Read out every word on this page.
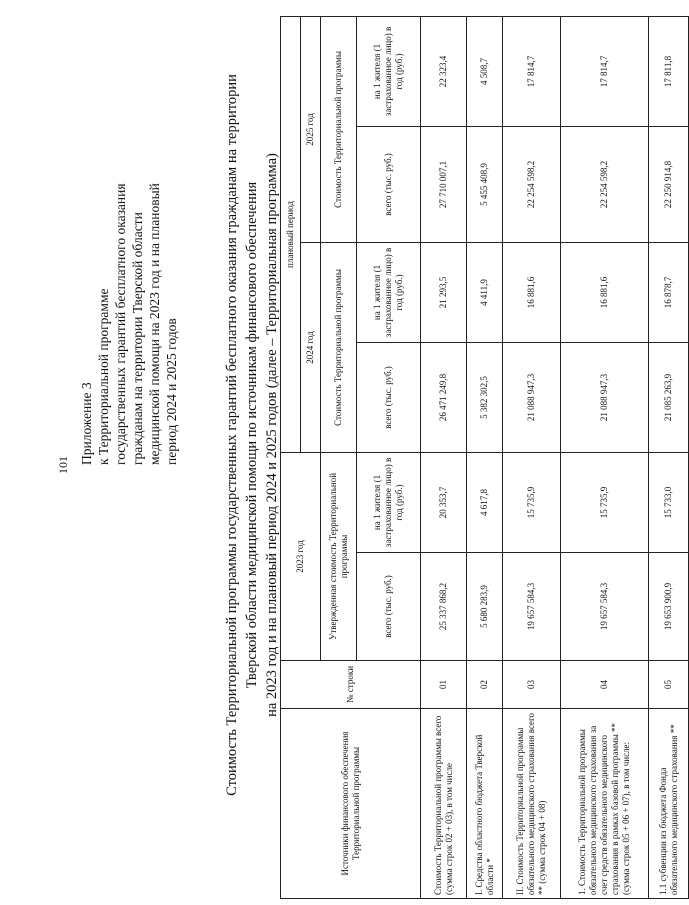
101 Приложение 3 к Территориальной программе государственных гарантий бесплатного оказания гражданам на территории Тверской области медицинской помощи на 2023 год и на плановый период 2024 и 2025 годов	Стоимость Территориальной программы государственных гарантий бесплатного оказания гражданам на территории Тверской области медицинской помощи по источникам финансового обеспечения на 2023 год и на плановый период 2024 и 2025 годов (далее – Территориальная программа)
Источники финансового обеспечения Территориальной программы	№ строки	2023 год		плановый период			
				2024 год		2025 год	
		Утвержденная стоимость Территориальной программы		Стоимость Территориальной программы		Стоимость Территориальной программы	
		всего (тыс. руб.)	на 1 жителя (1 застрахованное лицо) в год (руб.)	всего (тыс. руб.)	на 1 жителя (1 застрахованное лицо) в год (руб.)	всего (тыс. руб.)	на 1 жителя (1 застрахованное лицо) в год (руб.)
Стоимость Территориальной программы всего (сумма строк 02 + 03), в том числе	01	25 337 868,2	20 353,7	26 471 249,8	21 293,5	27 710 007,1	22 323,4
I. Средства областного бюджета Тверской области *	02	5 680 283,9	4 617,8	5 382 302,5	4 411,9	5 455 408,9	4 508,7
II. Стоимость Территориальной программы обязательного медицинского страхования всего ** (сумма строк 04 + 08)	03	19 657 584,3	15 735,9	21 088 947,3	16 881,6	22 254 598,2	17 814,7
1. Стоимость Территориальной программы обязательного медицинского страхования за счет средств обязательного медицинского страхования в рамках базовой программы ** (сумма строк 05 + 06 + 07), в том числе:	04	19 657 584,3	15 735,9	21 088 947,3	16 881,6	22 254 598,2	17 814,7
1.1 субвенции из бюджета Фонда обязательного медицинского страхования **	05	19 653 900,9	15 733,0	21 085 263,9	16 878,7	22 250 914,8	17 811,8
